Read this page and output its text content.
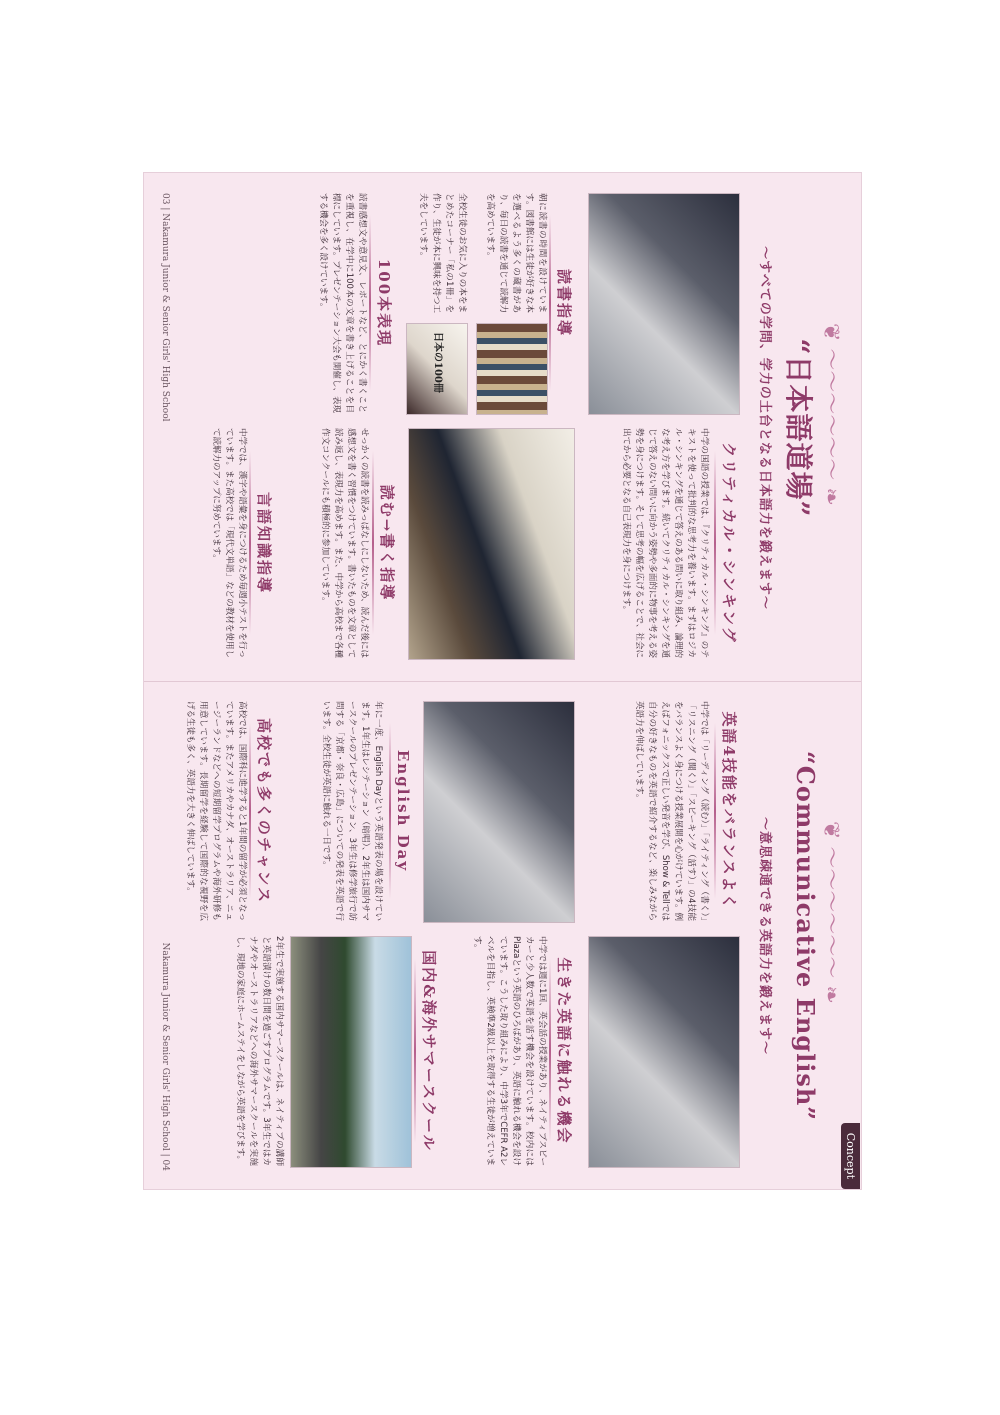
❦ ～～～～～～ ❧
“日本語道場”
～すべての学問、学力の土台となる日本語力を鍛えます～
クリティカル・シンキング
中学の国語の授業では、『クリティカル・シンキング』のテキストを使って批判的な思考力を養います。まずはロジカル・シンキングを通じて答えのある問いに取り組み、論理的な考え方を学びます。続いてクリティカル・シンキングを通じて答えのない問いに向かう姿勢や多面的に物事を考える姿勢を身につけます。そして思考の幅を広げることで、社会に出てから必要となる自己表現力を身につけます。
読書指導
朝に読書の時間を設けています。図書館には生徒が好きな本を選べるよう多くの蔵書があり、毎日の読書を通じて読解力を高めています。
全校生徒のお気に入りの本をまとめたコーナー「私の1冊」を作り、生徒が本に興味を持つ工夫をしています。
日本の100冊
読む→書く指導
せっかくの読書を読みっぱなしにしないため、読んだ後には感想文を書く習慣をつけています。書いたものを文章として読み返し、表現力を高めます。また、中学から高校まで各種作文コンクールにも積極的に参加しています。
100本表現
読書感想文や意見文、レポートなど、とにかく書くことを重視し、在学中に100本の文章を書き上げることを目標にしています。プレゼンテーション大会も開催し、表現する機会を多く設けています。
言語知識指導
中学では、漢字や語彙を身につけるため毎週小テストを行っています。また高校では「現代文単語」などの教材を使用して読解力のアップに努めています。
03 | Nakamura Junior & Senior Girls' High School
Concept
❦ ～～～～～～ ❧
“Communicative English”
～意思疎通できる英語力を鍛えます～
英語4技能をバランスよく
中学では「リーディング（読む）」「ライティング（書く）」「リスニング（聞く）」「スピーキング（話す）」の4技能をバランスよく身につける授業展開を心がけています。例えばフォニックスで正しい発音を学び、Show & Tellでは自分の好きなものを英語で紹介するなど、楽しみながら英語力を伸ばしています。
生きた英語に触れる機会
中学では週に1回、英会話の授業があり、ネイティブスピーカーと少人数で英語を話す機会を設けています。校内にはPlazaという英語のひろばがあり、英語に触れる機会を設けています。こうした取り組みにより、中学3年でCEFR A2レベルを目指し、英検準2級以上を取得する生徒が増えています。
English Day
年に一度、English Dayという英語発表の場を設けています。1年生はレシテーション（暗唱）、2年生は国内サマースクールのプレゼンテーション、3年生は修学旅行で訪問する「京都・奈良・広島」についての発表を英語で行います。全校生徒が英語に触れる一日です。
国内&海外サマースクール
2年生で実施する国内サマースクールは、ネイティブの講師と英語漬けの数日間を過ごすプログラムです。3年生ではカナダやオーストラリアなどへの海外サマースクールを実施し、現地の家庭にホームステイをしながら英語を学びます。
高校でも多くのチャンス
高校では、国際科に進学すると1年間の留学が必須となっています。またアメリカやカナダ、オーストラリア、ニュージーランドなどへの短期留学プログラムや海外研修も用意しています。長期留学を経験して国際的な視野を広げる生徒も多く、英語力を大きく伸ばしています。
Nakamura Junior & Senior Girls' High School | 04
